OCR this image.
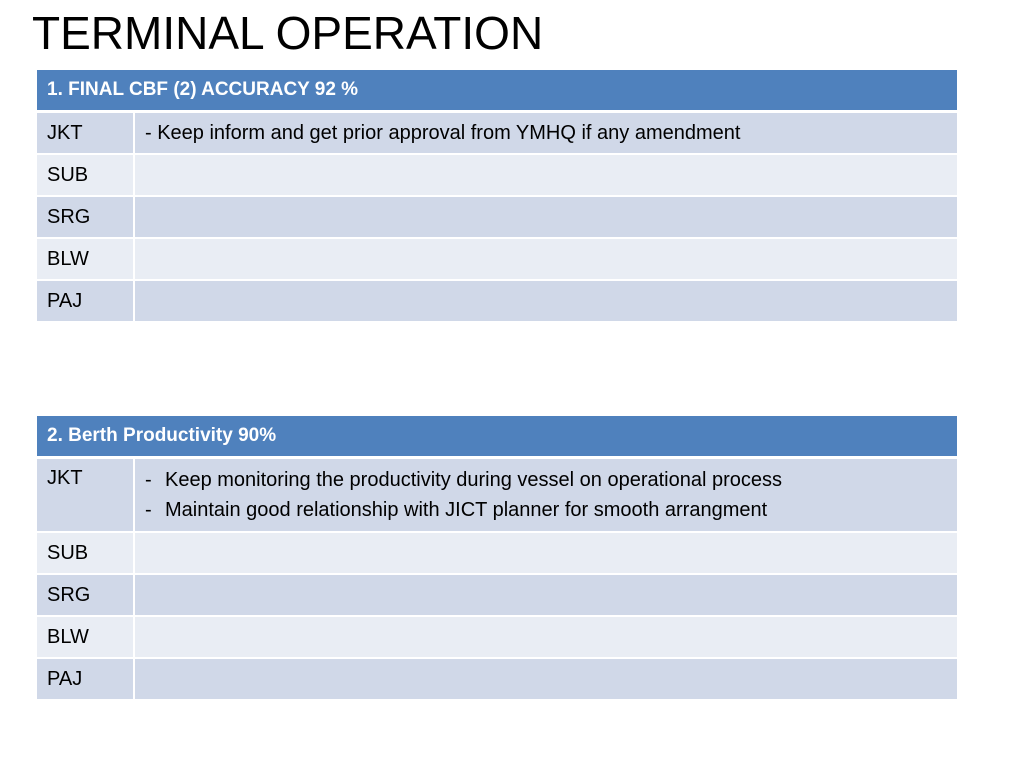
TERMINAL OPERATION
1. FINAL CBF (2) ACCURACY 92 %	
JKT	- Keep inform and get prior approval from YMHQ if any amendment
SUB	
SRG	
BLW	
PAJ	
2. Berth Productivity 90%	
JKT	- Keep monitoring the productivity during vessel on operational process
- Maintain good relationship with JICT planner for smooth arrangment

SUB	
SRG	
BLW	
PAJ	
